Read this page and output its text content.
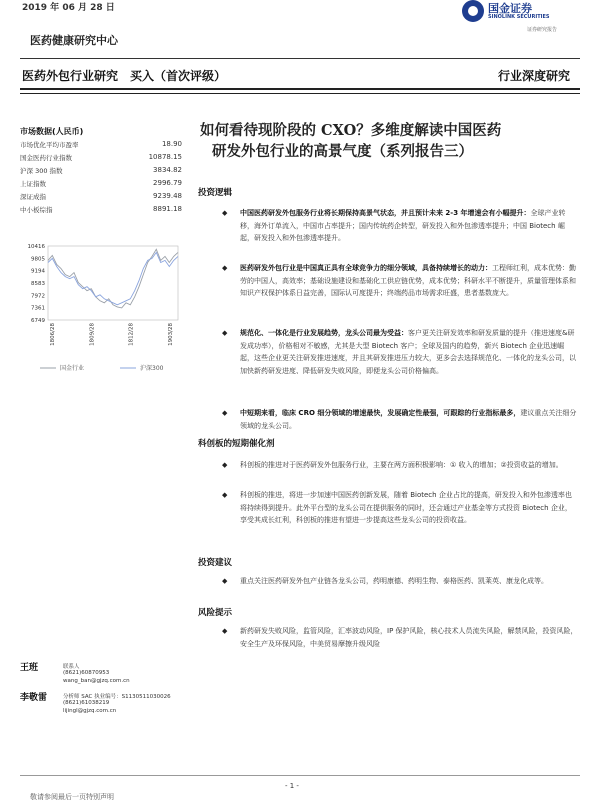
2019 年 06 月 28 日	国金证券
SINOLINK SECURITIES
证券研究报告
医药健康研究中心
医药外包行业研究　买入（首次评级）	行业深度研究
市场数据(人民币)
市场优化平均市盈率	18.90
国金医药行业指数	10878.15
沪深 300 指数	3834.82
上证指数	2996.79
深证成指	9239.48
中小板综指	8891.18
10416
9805
9194
8583
7972
7361
6749
1806/28	1809/28	1812/28	1903/28
国金行业	沪深300
如何看待现阶段的 CXO？多维度解读中国医药
研发外包行业的高景气度（系列报告三）
投资逻辑
◆ 中国医药研发外包服务行业将长期保持高景气状态，并且预计未来 2-3 年增速会有小幅提升：全球产业转移，海外订单流入，中国市占率提升；国内传统药企转型，研发投入和外包渗透率提升；中国 Biotech 崛起，研发投入和外包渗透率提升。
◆ 医药研发外包行业是中国真正具有全球竞争力的细分领域，具备持续增长的动力：工程师红利，成本优势：勤劳的中国人，高效率；基础设施建设和基础化工供应链优势，成本优势；科研水平不断提升，质量管理体系和知识产权保护体系日益完善，国际认可度提升；终端药品市场需求旺盛，患者基数庞大。
◆ 规范化、一体化是行业发展趋势，龙头公司最为受益：客户更关注研发效率和研发质量的提升（推进速度&研发成功率），价格相对不敏感，尤其是大型 Biotech 客户；全球及国内的趋势，新兴 Biotech 企业迅速崛起，这些企业更关注研发推进速度，并且其研发推进压力较大，更多会去选择规范化、一体化的龙头公司，以加快新药研发进度、降低研发失败风险，即便龙头公司价格偏高。
◆ 中短期来看，临床 CRO 细分领域的增速最快，发展确定性最强，可跟踪的行业指标最多，建议重点关注细分领域的龙头公司。
科创板的短期催化剂
◆ 科创板的推进对于医药研发外包服务行业，主要在两方面积极影响：① 收入的增加；②投资收益的增加。
◆ 科创板的推进，将进一步加速中国医药创新发展，随着 Biotech 企业占比的提高，研发投入和外包渗透率也将持续得到提升。此外平台型的龙头公司在提供服务的同时，还会通过产业基金等方式投资 Biotech 企业，享受其成长红利，科创板的推进有望进一步提高这些龙头公司的投资收益。
投资建议
◆ 重点关注医药研发外包产业链各龙头公司，药明康德、药明生物、泰格医药、凯莱英、康龙化成等。
风险提示
◆ 新药研发失败风险，监管风险，汇率波动风险，IP 保护风险，核心技术人员流失风险，解禁风险，投资风险，安全生产及环保风险，中美贸易摩擦升级风险
王班	联系人
(8621)60870953
wang_ban@gjzq.com.cn
李敬雷	分析师 SAC 执业编号：S1130511030026
(8621)61038219
lijingl@gjzq.com.cn
- 1 -
敬请参阅最后一页特别声明
